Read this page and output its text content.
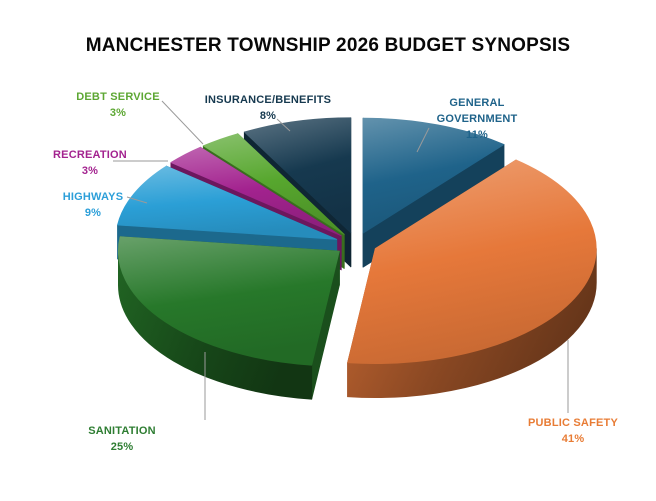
MANCHESTER TOWNSHIP 2026 BUDGET SYNOPSIS
GENERAL
GOVERNMENT
11%
PUBLIC SAFETY
41%
SANITATION
25%
HIGHWAYS
9%
RECREATION
3%
DEBT SERVICE
3%
INSURANCE/BENEFITS
8%
